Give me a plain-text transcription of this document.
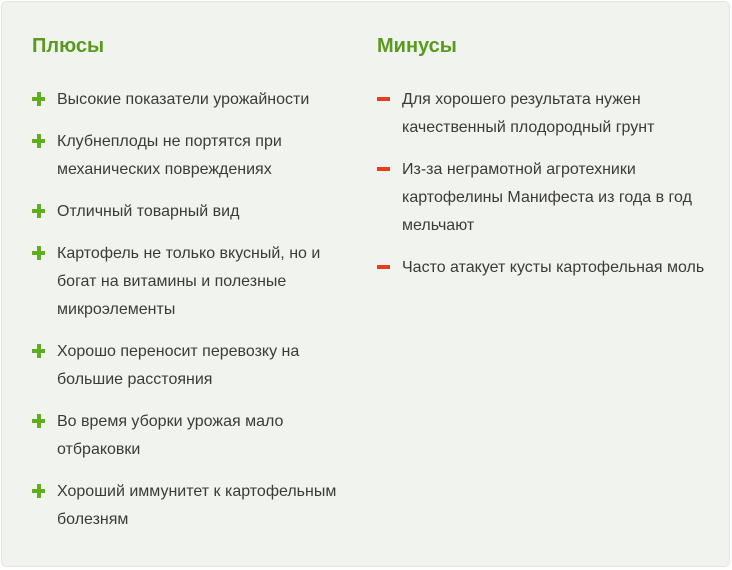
Плюсы
Высокие показатели урожайности
Клубнеплоды не портятся при механических повреждениях
Отличный товарный вид
Картофель не только вкусный, но и богат на витамины и полезные микроэлементы
Хорошо переносит перевозку на большие расстояния
Во время уборки урожая мало отбраковки
Хороший иммунитет к картофельным болезням
Минусы
Для хорошего результата нужен качественный плодородный грунт
Из-за неграмотной агротехники картофелины Манифеста из года в год мельчают
Часто атакует кусты картофельная моль
